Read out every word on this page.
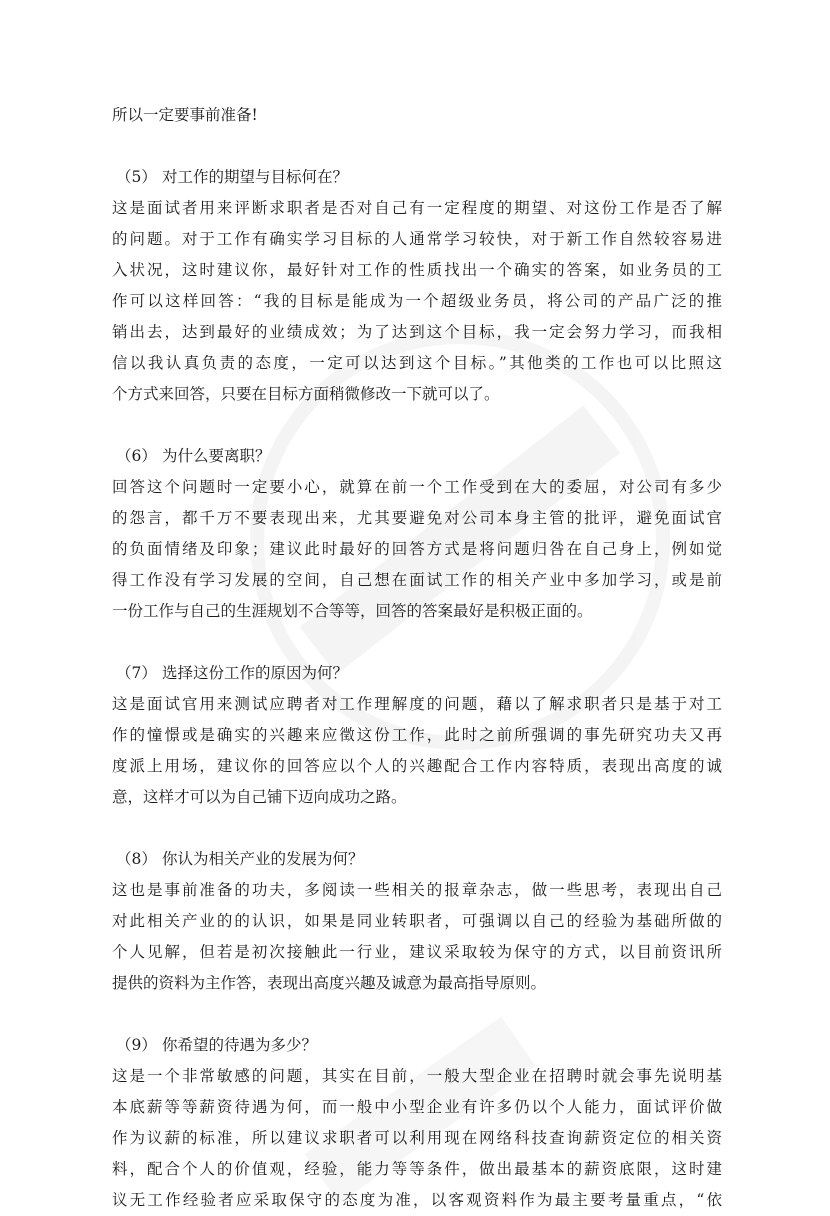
所以一定要事前准备!
（5） 对工作的期望与目标何在？
这是面试者用来评断求职者是否对自己有一定程度的期望、对这份工作是否了解
的问题。对于工作有确实学习目标的人通常学习较快，对于新工作自然较容易进
入状况，这时建议你，最好针对工作的性质找出一个确实的答案，如业务员的工
作可以这样回答：“我的目标是能成为一个超级业务员，将公司的产品广泛的推
销出去，达到最好的业绩成效；为了达到这个目标，我一定会努力学习，而我相
信以我认真负责的态度，一定可以达到这个目标。”其他类的工作也可以比照这
个方式来回答，只要在目标方面稍微修改一下就可以了。
（6） 为什么要离职？
回答这个问题时一定要小心，就算在前一个工作受到在大的委屈，对公司有多少
的怨言，都千万不要表现出来，尤其要避免对公司本身主管的批评，避免面试官
的负面情绪及印象；建议此时最好的回答方式是将问题归咎在自己身上，例如觉
得工作没有学习发展的空间，自己想在面试工作的相关产业中多加学习，或是前
一份工作与自己的生涯规划不合等等，回答的答案最好是积极正面的。
（7） 选择这份工作的原因为何？
这是面试官用来测试应聘者对工作理解度的问题，藉以了解求职者只是基于对工
作的憧憬或是确实的兴趣来应徵这份工作，此时之前所强调的事先研究功夫又再
度派上用场，建议你的回答应以个人的兴趣配合工作内容特质，表现出高度的诚
意，这样才可以为自己铺下迈向成功之路。
（8） 你认为相关产业的发展为何？
这也是事前准备的功夫，多阅读一些相关的报章杂志，做一些思考，表现出自己
对此相关产业的的认识，如果是同业转职者，可强调以自己的经验为基础所做的
个人见解，但若是初次接触此一行业，建议采取较为保守的方式，以目前资讯所
提供的资料为主作答，表现出高度兴趣及诚意为最高指导原则。
（9） 你希望的待遇为多少？
这是一个非常敏感的问题，其实在目前，一般大型企业在招聘时就会事先说明基
本底薪等等薪资待遇为何，而一般中小型企业有许多仍以个人能力，面试评价做
作为议薪的标准，所以建议求职者可以利用现在网络科技查询薪资定位的相关资
料，配合个人的价值观，经验，能力等等条件，做出最基本的薪资底限，这时建
议无工作经验者应采取保守的态度为准，以客观资料作为最主要考量重点，“依
